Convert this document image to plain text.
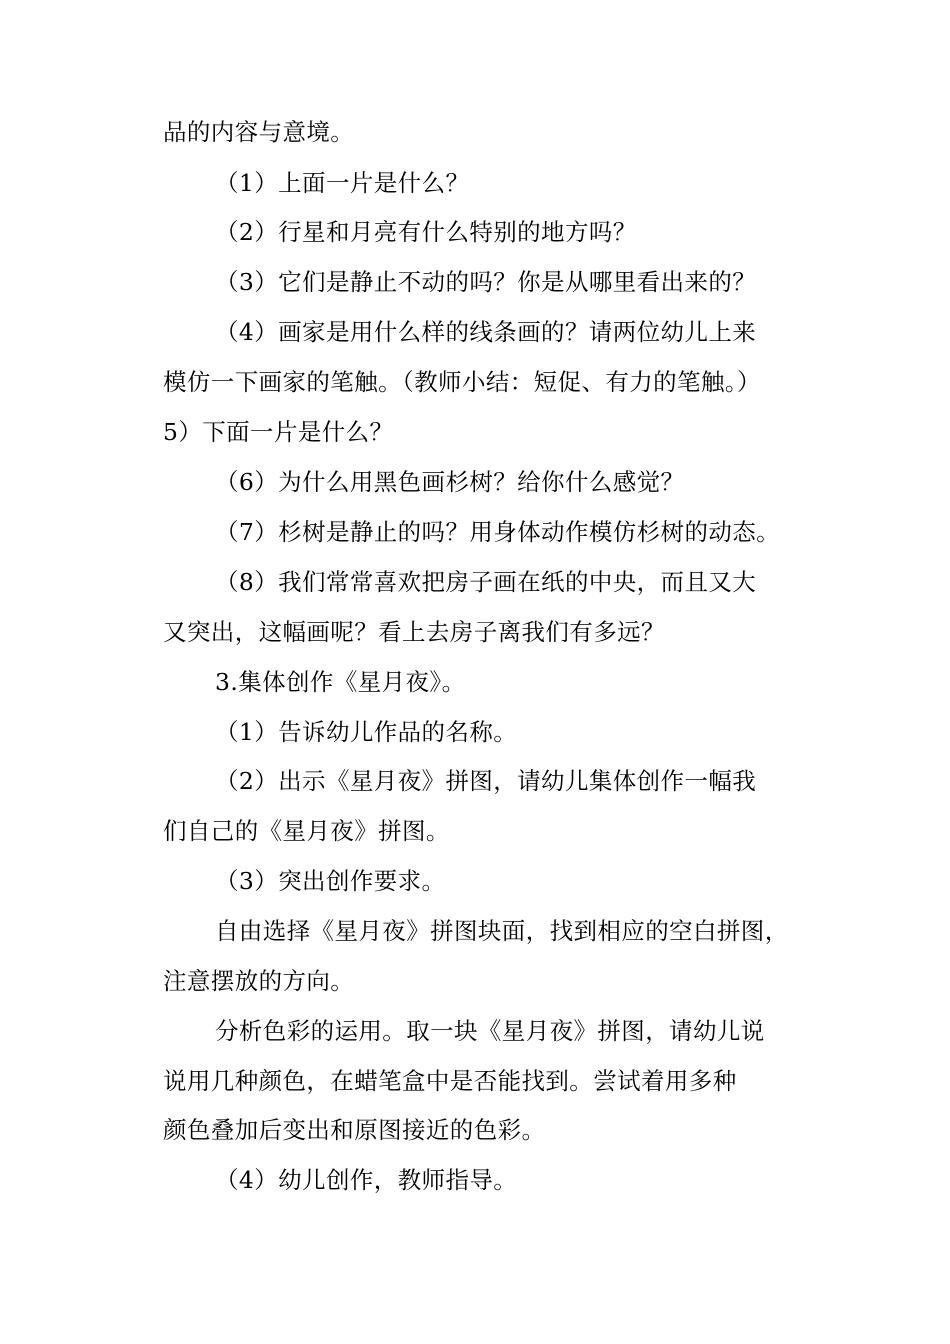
品的内容与意境。
（1）上面一片是什么？
（2）行星和月亮有什么特别的地方吗？
（3）它们是静止不动的吗？你是从哪里看出来的？
（4）画家是用什么样的线条画的？请两位幼儿上来
模仿一下画家的笔触。（教师小结：短促、有力的笔触。）
5）下面一片是什么？
（6）为什么用黑色画杉树？给你什么感觉？
（7）杉树是静止的吗？用身体动作模仿杉树的动态。
（8）我们常常喜欢把房子画在纸的中央，而且又大
又突出，这幅画呢？看上去房子离我们有多远？
3.集体创作《星月夜》。
（1）告诉幼儿作品的名称。
（2）出示《星月夜》拼图，请幼儿集体创作一幅我
们自己的《星月夜》拼图。
（3）突出创作要求。
自由选择《星月夜》拼图块面，找到相应的空白拼图，
注意摆放的方向。
分析色彩的运用。取一块《星月夜》拼图，请幼儿说
说用几种颜色，在蜡笔盒中是否能找到。尝试着用多种
颜色叠加后变出和原图接近的色彩。
（4）幼儿创作，教师指导。
